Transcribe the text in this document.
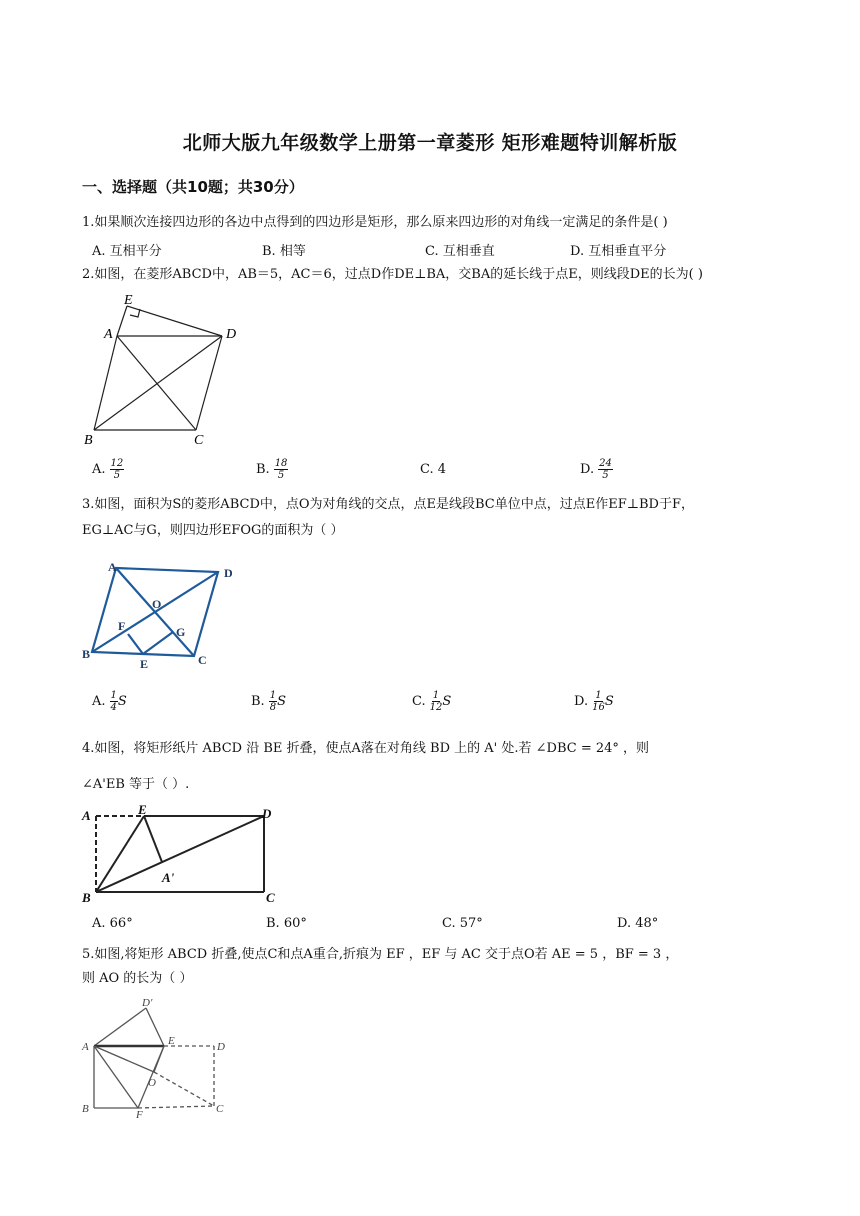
北师大版九年级数学上册第一章菱形 矩形难题特训解析版
一、选择题（共10题；共30分）
1.如果顺次连接四边形的各边中点得到的四边形是矩形，那么原来四边形的对角线一定满足的条件是( )
A. 互相平分	B. 相等	C. 互相垂直	D. 互相垂直平分
2.如图，在菱形ABCD中，AB＝5，AC＝6，过点D作DE⊥BA，交BA的延长线于点E，则线段DE的长为( )
E
A	D
B	C
A. $\frac{12}{5}$	B. $\frac{18}{5}$	C. 4	D. $\frac{24}{5}$
3.如图，面积为S的菱形ABCD中，点O为对角线的交点，点E是线段BC单位中点，过点E作EF⊥BD于F，
EG⊥AC与G，则四边形EFOG的面积为（ ）
A	D
O
F	G
B
E	C
A. $\frac{1}{4}$ S	B. $\frac{1}{8}$ S	C. $\frac{1}{12}$ S	D. $\frac{1}{16}$ S
4.如图，将矩形纸片 ABCD 沿 BE 折叠，使点A落在对角线 BD 上的 A' 处.若 ∠DBC = 24° ，则
∠A'EB 等于（ ）.
A	E	D
A'
B	C
A. 66°	B. 60°	C. 57°	D. 48°
5.如图,将矩形 ABCD 折叠,使点C和点A重合,折痕为 EF ，EF 与 AC 交于点O若 AE = 5 ，BF = 3 ，
则 AO 的长为（ ）
D'
A	E	D
O
B	F	C
